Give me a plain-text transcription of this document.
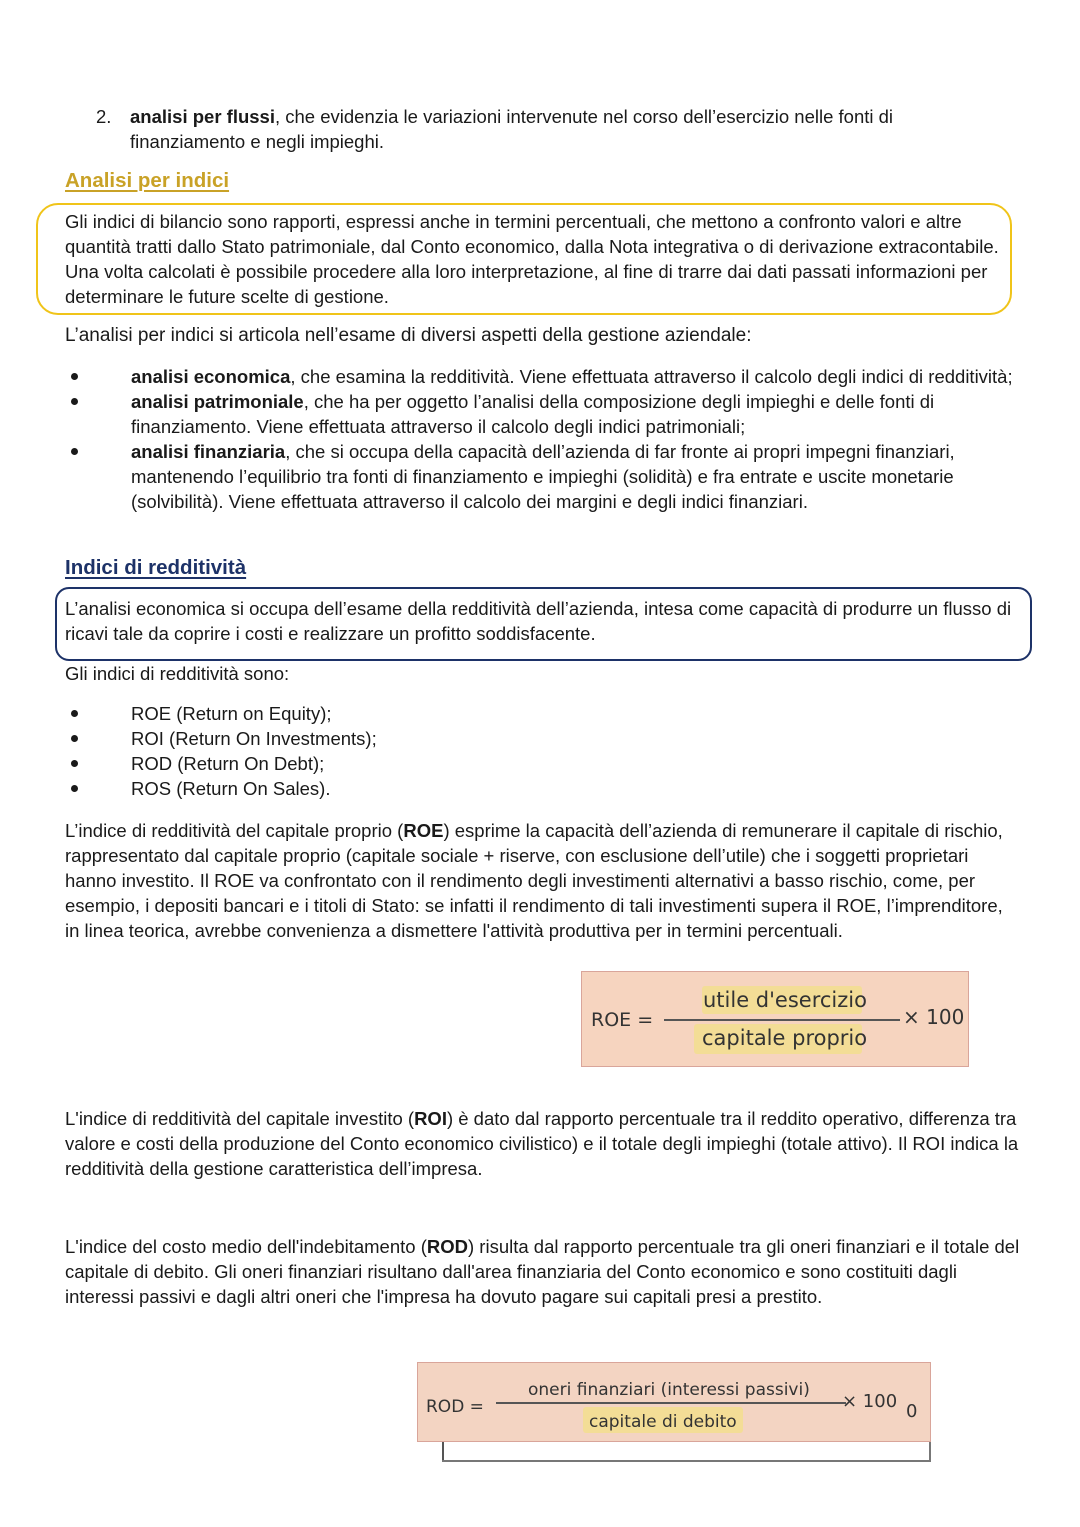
2. analisi per flussi, che evidenzia le variazioni intervenute nel corso dell’esercizio nelle fonti di finanziamento e negli impieghi.

Analisi per indici

Gli indici di bilancio sono rapporti, espressi anche in termini percentuali, che mettono a confronto valori e altre quantità tratti dallo Stato patrimoniale, dal Conto economico, dalla Nota integrativa o di derivazione extracontabile. Una volta calcolati è possibile procedere alla loro interpretazione, al fine di trarre dai dati passati informazioni per determinare le future scelte di gestione.

L’analisi per indici si articola nell’esame di diversi aspetti della gestione aziendale:

analisi economica, che esamina la redditività. Viene effettuata attraverso il calcolo degli indici di redditività;
analisi patrimoniale, che ha per oggetto l’analisi della composizione degli impieghi e delle fonti di finanziamento. Viene effettuata attraverso il calcolo degli indici patrimoniali;
analisi finanziaria, che si occupa della capacità dell’azienda di far fronte ai propri impegni finanziari, mantenendo l’equilibrio tra fonti di finanziamento e impieghi (solidità) e fra entrate e uscite monetarie (solvibilità). Viene effettuata attraverso il calcolo dei margini e degli indici finanziari.
Indici di redditività

L’analisi economica si occupa dell’esame della redditività dell’azienda, intesa come capacità di produrre un flusso di ricavi tale da coprire i costi e realizzare un profitto soddisfacente.

Gli indici di redditività sono:

ROE (Return on Equity);
ROI (Return On Investments);
ROD (Return On Debt);
ROS (Return On Sales).

L’indice di redditività del capitale proprio (ROE) esprime la capacità dell’azienda di remunerare il capitale di rischio, rappresentato dal capitale proprio (capitale sociale + riserve, con esclusione dell’utile) che i soggetti proprietari hanno investito. Il ROE va confrontato con il rendimento degli investimenti alternativi a basso rischio, come, per esempio, i depositi bancari e i titoli di Stato: se infatti il rendimento di tali investimenti supera il ROE, l’imprenditore, in linea teorica, avrebbe convenienza a dismettere l'attività produttiva per in termini percentuali.

ROE =
utile d'esercizio
capitale proprio
× 100

L'indice di redditività del capitale investito (ROI) è dato dal rapporto percentuale tra il reddito operativo, differenza tra valore e costi della produzione del Conto economico civilistico) e il totale degli impieghi (totale attivo). Il ROI indica la redditività della gestione caratteristica dell’impresa.

L'indice del costo medio dell'indebitamento (ROD) risulta dal rapporto percentuale tra gli oneri finanziari e il totale del capitale di debito. Gli oneri finanziari risultano dall'area finanziaria del Conto economico e sono costituiti dagli interessi passivi e dagli altri oneri che l'impresa ha dovuto pagare sui capitali presi a prestito.

ROD =
oneri finanziari (interessi passivi)
capitale di debito
× 100 0
